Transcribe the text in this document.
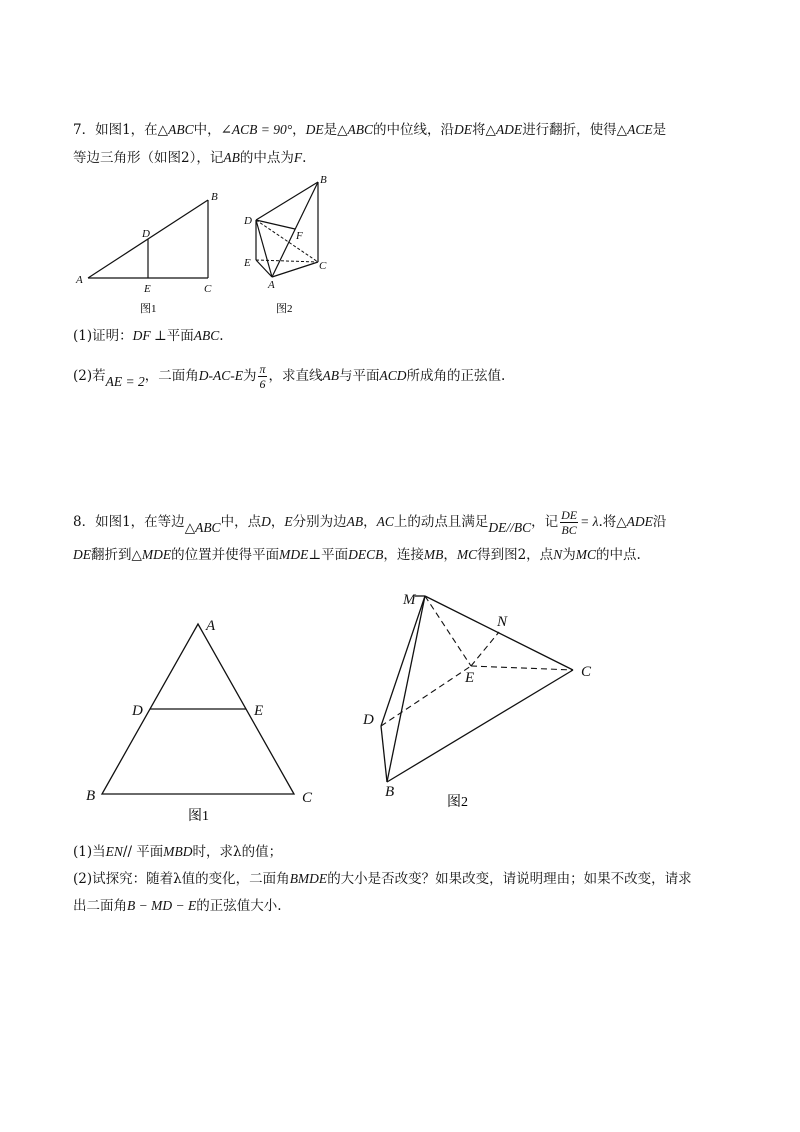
7．如图1，在△ABC中，∠ACB = 90°，DE是△ABC的中位线，沿DE将△ADE进行翻折，使得△ACE是
等边三角形（如图2），记AB的中点为F.
A
B
C
D
E
图1
B
D
F
E	C
A
图2
(1)证明：DF ⊥平面ABC.
(2)若AE = 2，二面角D-AC-E为 $\frac{\pi}{6}$ ，求直线AB与平面ACD所成角的正弦值.
8．如图1，在等边△ABC中，点D，E分别为边AB，AC上的动点且满足DE//BC，记 $\frac{DE}{BC} = \lambda$.将△ADE沿
DE翻折到△MDE的位置并使得平面MDE⊥平面DECB，连接MB，MC得到图2，点N为MC的中点.
A
D	E
B	C
图1
M
N
E	C
D
B
图2
(1)当EN// 平面MBD时，求λ的值；
(2)试探究：随着λ值的变化，二面角BMDE的大小是否改变？如果改变，请说明理由；如果不改变，请求
出二面角B − MD − E的正弦值大小.
